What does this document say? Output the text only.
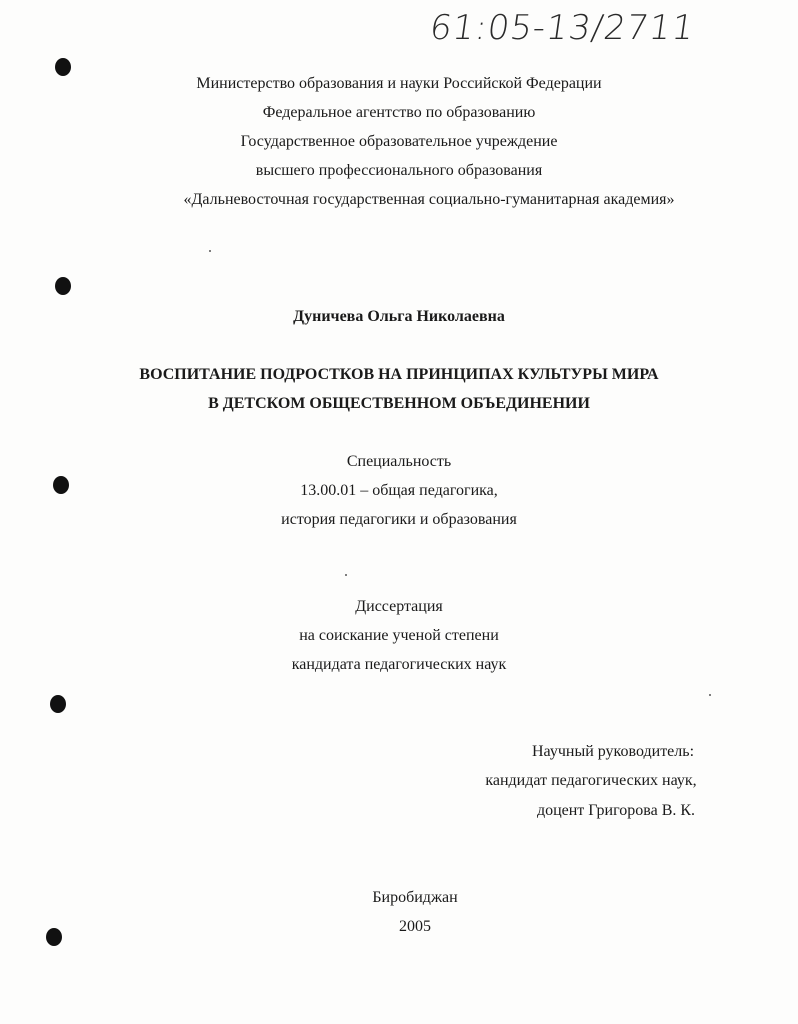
61:05-13/2711
Министерство образования и науки Российской Федерации
Федеральное агентство по образованию
Государственное образовательное учреждение
высшего профессионального образования
«Дальневосточная государственная социально-гуманитарная академия»
Дуничева Ольга Николаевна
ВОСПИТАНИЕ ПОДРОСТКОВ НА ПРИНЦИПАХ КУЛЬТУРЫ МИРА
В ДЕТСКОМ ОБЩЕСТВЕННОМ ОБЪЕДИНЕНИИ
Специальность
13.00.01 – общая педагогика,
история педагогики и образования
Диссертация
на соискание ученой степени
кандидата педагогических наук
Научный руководитель:
кандидат педагогических наук,
доцент Григорова В. К.
Биробиджан
2005
